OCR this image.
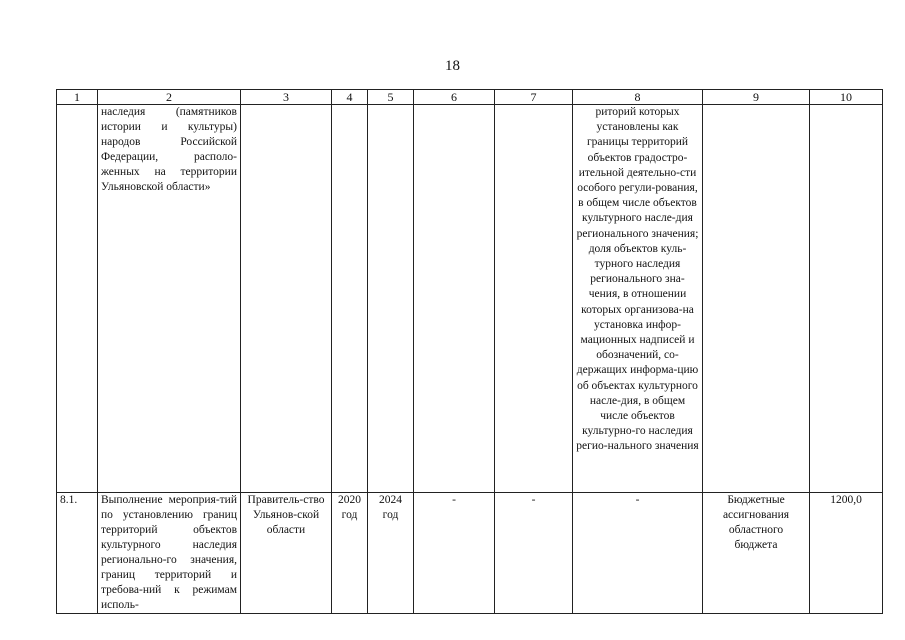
18
1	2	3	4	5	6	7	8	9	10
	наследия (памятников истории и культуры) народов Российской Федерации, располо-женных на территории Ульяновской области»						риторий которых установлены как границы территорий объектов градостро-ительной деятельно-сти особого регули-рования, в общем числе объектов культурного насле-дия регионального значения; доля объектов куль-турного наследия регионального зна-чения, в отношении которых организова-на установка инфор-мационных надписей и обозначений, со-держащих информа-цию об объектах культурного насле-дия, в общем числе объектов культурно-го наследия регио-нального значения		
8.1.	Выполнение мероприя-тий по установлению границ территорий объектов культурного наследия регионально-го значения, границ территорий и требова-ний к режимам исполь-	Правитель-ство Ульянов-ской области	2020 год	2024 год	-	-	-	Бюджетные ассигнования областного бюджета	1200,0
